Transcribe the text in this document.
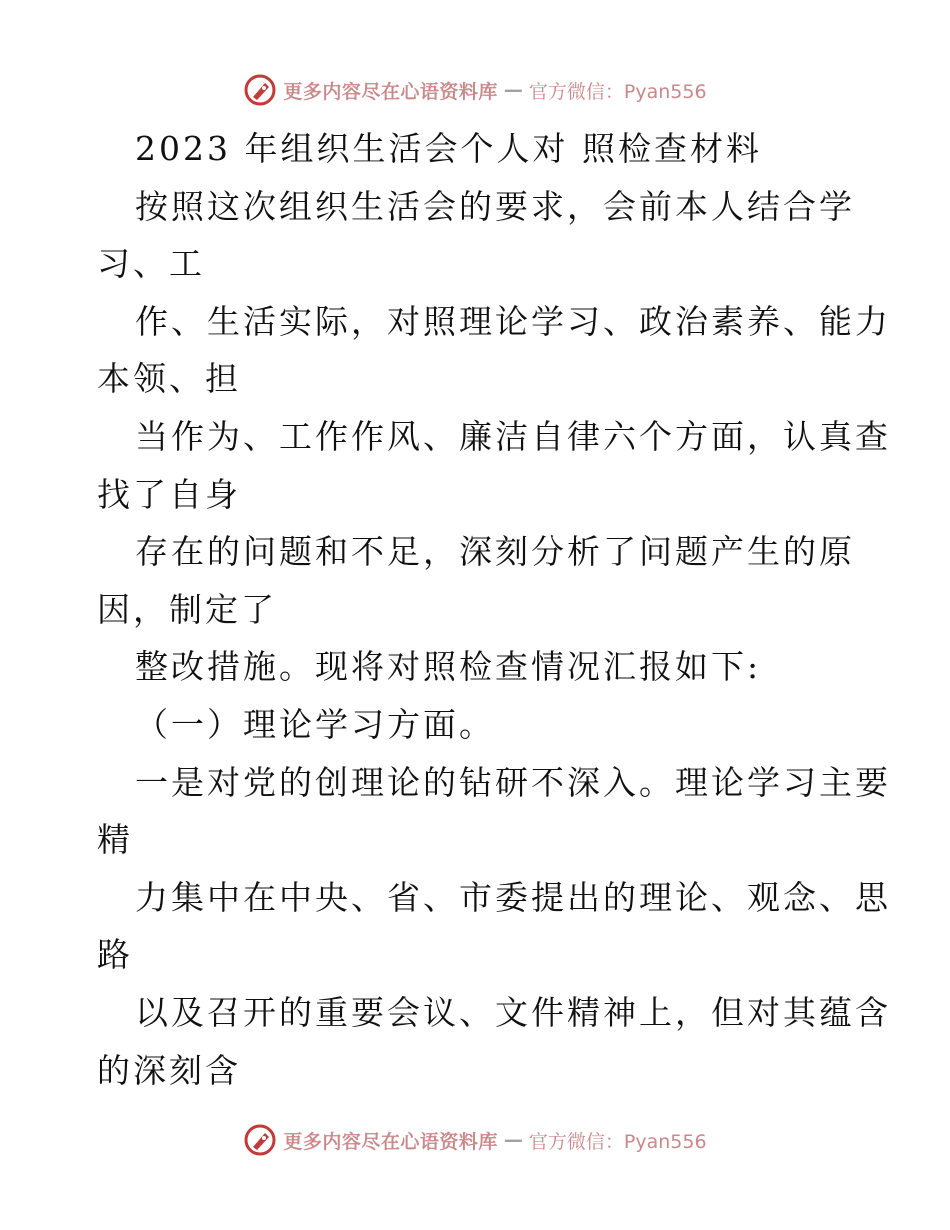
更多内容尽在心语资料库 — 官方微信：Pyan556
2023 年组织生活会个人对 照检查材料
按照这次组织生活会的要求，会前本人结合学
习、工
作、生活实际，对照理论学习、政治素养、能力
本领、担
当作为、工作作风、廉洁自律六个方面，认真查
找了自身
存在的问题和不足，深刻分析了问题产生的原
因，制定了
整改措施。现将对照检查情况汇报如下:
（一）理论学习方面。
一是对党的创理论的钻研不深入。理论学习主要
精
力集中在中央、省、市委提出的理论、观念、思
路
以及召开的重要会议、文件精神上，但对其蕴含
的深刻含
更多内容尽在心语资料库 — 官方微信：Pyan556
